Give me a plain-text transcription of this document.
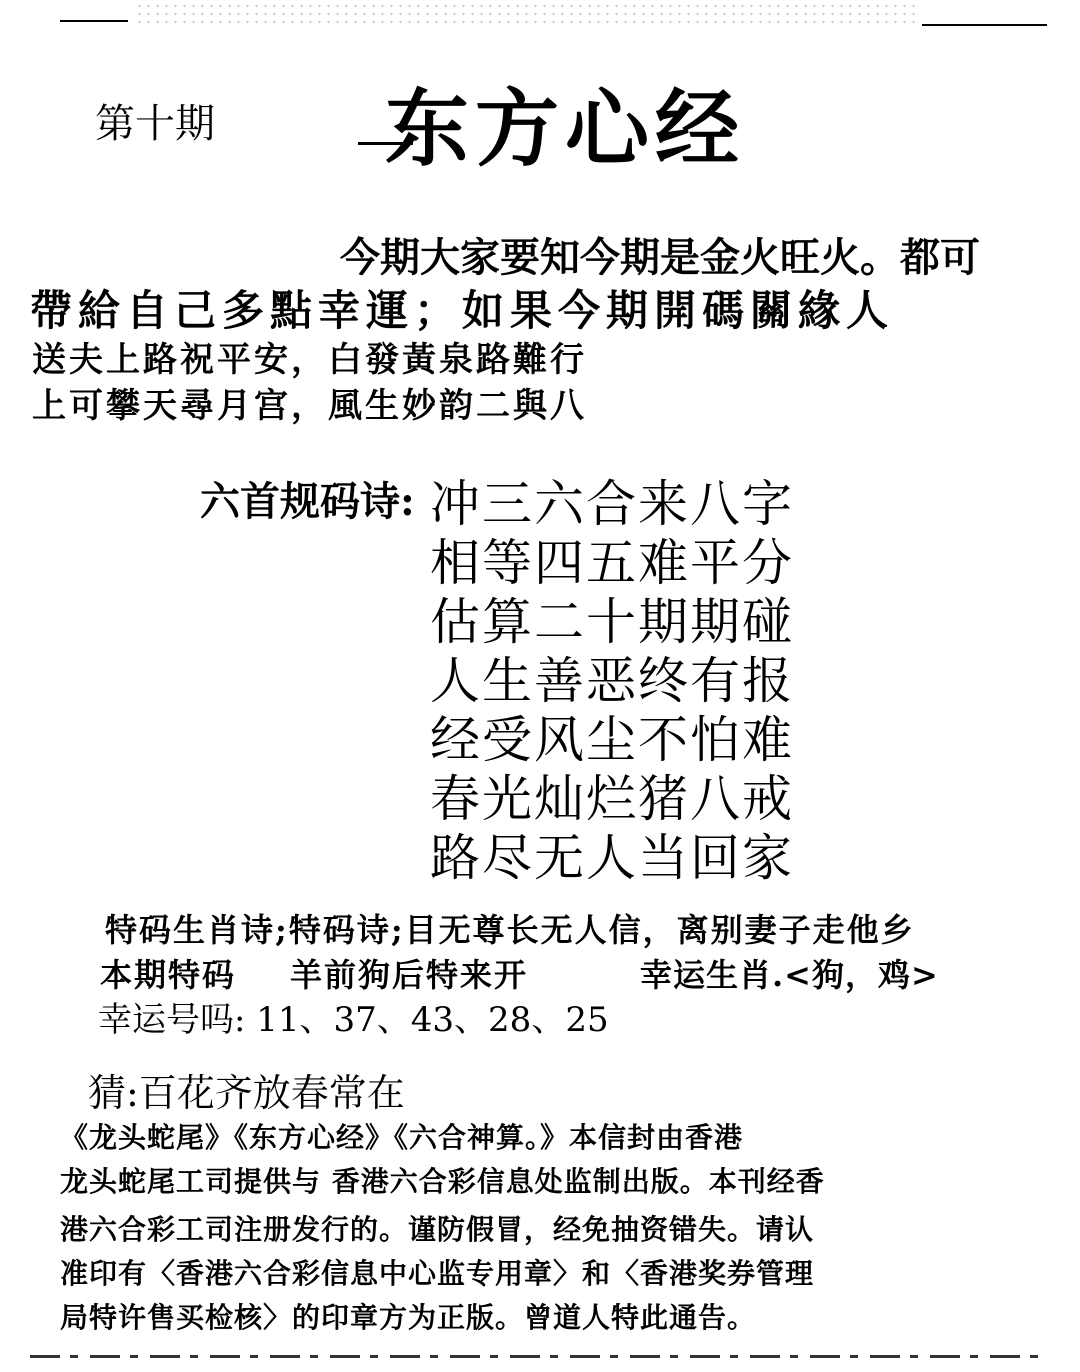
第十期 东方心经
今期大家要知今期是金火旺火。都可
帶給自己多點幸運；如果今期開碼關緣人
送夫上路祝平安，白發黃泉路難行
上可攀天尋月宫，風生妙韵二與八
六首规码诗: 冲三六合来八字
相等四五难平分
估算二十期期碰
人生善恶终有报
经受风尘不怕难
春光灿烂猪八戒
路尽无人当回家
特码生肖诗;特码诗;目无尊长无人信，离别妻子走他乡
本期特码 羊前狗后特来开	幸运生肖.<狗，鸡>
幸运号吗: 11、37、43、28、25
猜:百花齐放春常在
《龙头蛇尾》《东方心经》《六合神算。》本信封由香港
龙头蛇尾工司提供与 香港六合彩信息处监制出版。本刊经香
港六合彩工司注册发行的。谨防假冒，经免抽资错失。请认
准印有〈香港六合彩信息中心监专用章〉和〈香港奖券管理
局特许售买检核〉的印章方为正版。曾道人特此通告。
